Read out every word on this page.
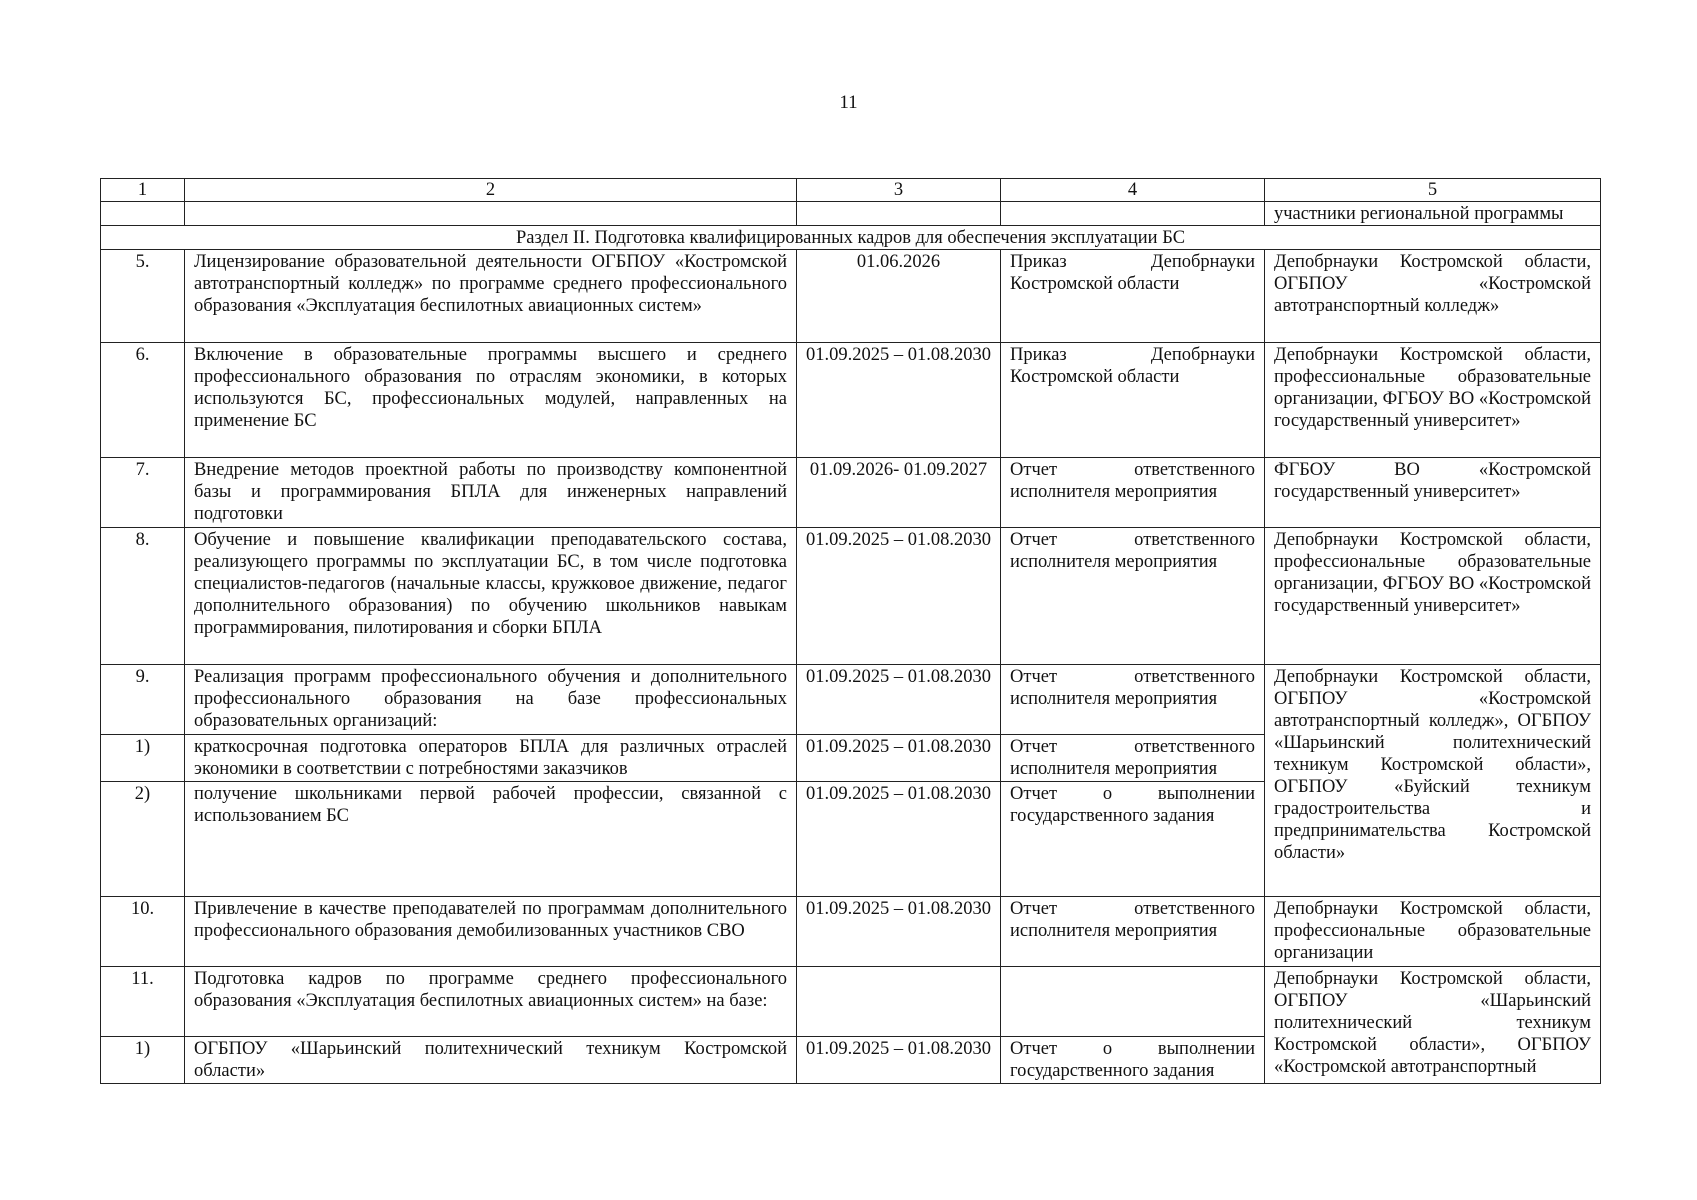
11
1	2	3	4	5
				участники региональной программы
Раздел II. Подготовка квалифицированных кадров для обеспечения эксплуатации БС				
5.	Лицензирование образовательной деятельности ОГБПОУ «Костромской автотранспортный колледж» по программе среднего профессионального образования «Эксплуатация беспилотных авиационных систем»	01.06.2026	Приказ Депобрнауки Костромской области	Депобрнауки Костромской области, ОГБПОУ «Костромской автотранспортный колледж»
6.	Включение в образовательные программы высшего и среднего профессионального образования по отраслям экономики, в которых используются БС, профессиональных модулей, направленных на применение БС	01.09.2025 – 01.08.2030	Приказ Депобрнауки Костромской области	Депобрнауки Костромской области, профессиональные образовательные организации, ФГБОУ ВО «Костромской государственный университет»
7.	Внедрение методов проектной работы по производству компонентной базы и программирования БПЛА для инженерных направлений подготовки	01.09.2026- 01.09.2027	Отчет ответственного исполнителя мероприятия	ФГБОУ ВО «Костромской государственный университет»
8.	Обучение и повышение квалификации преподавательского состава, реализующего программы по эксплуатации БС, в том числе подготовка специалистов-педагогов (начальные классы, кружковое движение, педагог дополнительного образования) по обучению школьников навыкам программирования, пилотирования и сборки БПЛА	01.09.2025 – 01.08.2030	Отчет ответственного исполнителя мероприятия	Депобрнауки Костромской области, профессиональные образовательные организации, ФГБОУ ВО «Костромской государственный университет»
9.	Реализация программ профессионального обучения и дополнительного профессионального образования на базе профессиональных образовательных организаций:	01.09.2025 – 01.08.2030	Отчет ответственного исполнителя мероприятия	Депобрнауки Костромской области, ОГБПОУ «Костромской автотранспортный колледж», ОГБПОУ «Шарьинский политехнический техникум Костромской области», ОГБПОУ «Буйский техникум градостроительства и предпринимательства Костромской области»
1)	краткосрочная подготовка операторов БПЛА для различных отраслей экономики в соответствии с потребностями заказчиков	01.09.2025 – 01.08.2030	Отчет ответственного исполнителя мероприятия	
2)	получение школьниками первой рабочей профессии, связанной с использованием БС	01.09.2025 – 01.08.2030	Отчет о выполнении государственного задания	
10.	Привлечение в качестве преподавателей по программам дополнительного профессионального образования демобилизованных участников СВО	01.09.2025 – 01.08.2030	Отчет ответственного исполнителя мероприятия	Депобрнауки Костромской области, профессиональные образовательные организации
11.	Подготовка кадров по программе среднего профессионального образования «Эксплуатация беспилотных авиационных систем» на базе:			Депобрнауки Костромской области, ОГБПОУ «Шарьинский политехнический техникум Костромской области», ОГБПОУ «Костромской автотранспортный
1)	ОГБПОУ «Шарьинский политехнический техникум Костромской области»	01.09.2025 – 01.08.2030	Отчет о выполнении государственного задания	
